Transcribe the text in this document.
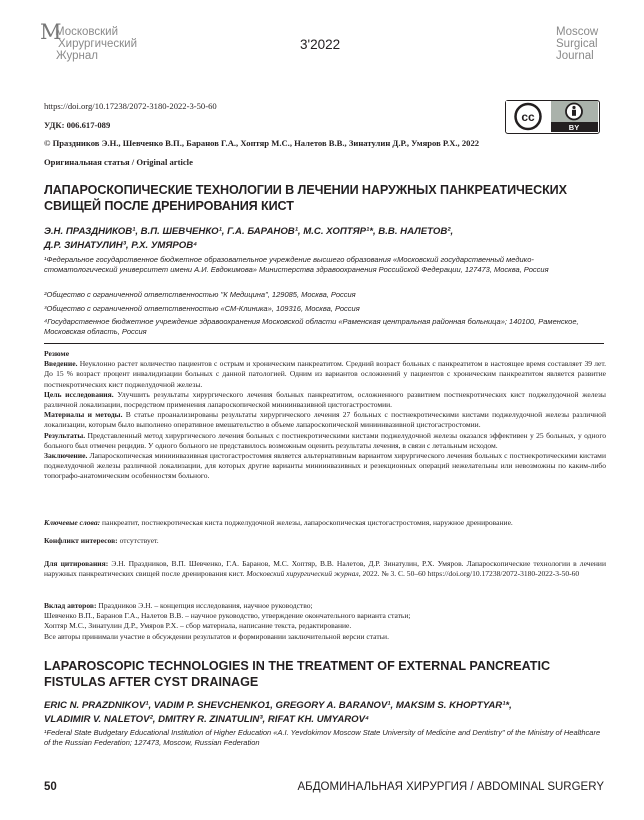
М
Московский
Хирургический
Журнал
3'2022
Moscow
Surgical
Journal
https://doi.org/10.17238/2072-3180-2022-3-50-60
УДК: 006.617-089
© Праздников Э.Н., Шевченко В.П., Баранов Г.А., Хоптяр М.С., Налетов В.В., Зинатулин Д.Р., Умяров Р.Х., 2022
Оригинальная статья / Original article
cc
BY
ЛАПАРОСКОПИЧЕСКИЕ ТЕХНОЛОГИИ В ЛЕЧЕНИИ НАРУЖНЫХ ПАНКРЕАТИЧЕСКИХ СВИЩЕЙ ПОСЛЕ ДРЕНИРОВАНИЯ КИСТ
Э.Н. ПРАЗДНИКОВ¹, В.П. ШЕВЧЕНКО¹, Г.А. БАРАНОВ¹, М.С. ХОПТЯР¹*, В.В. НАЛЕТОВ²,
Д.Р. ЗИНАТУЛИН³, Р.Х. УМЯРОВ⁴
¹Федеральное государственное бюджетное образовательное учреждение высшего образования «Московский государственный медико-стоматологический университет имени А.И. Евдокимова» Министерства здравоохранения Российской Федерации, 127473, Москва, Россия
²Общество с ограниченной ответственностью "К Медицина", 129085, Москва, Россия
³Общество с ограниченной ответственностью «СМ-Клиника», 109316, Москва, Россия
⁴Государственное бюджетное учреждение здравоохранения Московской области «Раменская центральная районная больница»; 140100, Раменское, Московская область, Россия

Резюме

Введение. Неуклонно растет количество пациентов с острым и хроническим панкреатитом. Средний возраст больных с панкреатитом в настоящее время составляет 39 лет. До 15 % возраст процент инвалидизации больных с данной патологией. Одним из вариантов осложнений у пациентов с хроническим панкреатитом является развитие постнекротических кист поджелудочной железы.

Цель исследования. Улучшить результаты хирургического лечения больных панкреатитом, осложненного развитием постнекротических кист поджелудочной железы различной локализации, посредством применения лапароскопической миниинвазивной цистогастростомии.

Материалы и методы. В статье проанализированы результаты хирургического лечения 27 больных с постнекротическими кистами поджелудочной железы различной локализации, которым было выполнено оперативное вмешательство в объеме лапароскопической миниинвазивной цистогастростомии.

Результаты. Представленный метод хирургического лечения больных с постнекротическими кистами поджелудочной железы оказался эффективен у 25 больных, у одного больного был отмечен рецидив. У одного больного не представилось возможным оценить результаты лечения, в связи с летальным исходом.

Заключение. Лапароскопическая миниинвазивная цистогастростомия является альтернативным вариантом хирургического лечения больных с постнекротическими кистами поджелудочной железы различной локализации, для которых другие варианты миниинвазивных и резекционных операций нежелательны или невозможны по каким-либо топографо-анатомическим особенностям больного.

Ключевые слова: панкреатит, постнекротическая киста поджелудочной железы, лапароскопическая цистогастростомия, наружное дренирование.
Конфликт интересов: отсутствует.
Для цитирования: Э.Н. Праздников, В.П. Шевченко, Г.А. Баранов, М.С. Хоптяр, В.В. Налетов, Д.Р. Зинатулин, Р.Х. Умяров. Лапароскопические технологии в лечении наружных панкреатических свищей после дренирования кист. Московский хирургический журнал, 2022. № 3. С. 50–60 https://doi.org/10.17238/2072-3180-2022-3-50-60
Вклад авторов: Праздников Э.Н. – концепция исследования, научное руководство;
Шевченко В.П., Баранов Г.А., Налетов В.В. – научное руководство, утверждение окончательного варианта статьи;
Хоптяр М.С., Зинатулин Д.Р., Умяров Р.Х. – сбор материала, написание текста, редактирование.
Все авторы принимали участие в обсуждении результатов и формировании заключительной версии статьи.
LAPAROSCOPIC TECHNOLOGIES IN THE TREATMENT OF EXTERNAL PANCREATIC FISTULAS AFTER CYST DRAINAGE
ERIC N. PRAZDNIKOV¹, VADIM P. SHEVCHENKO1, GREGORY A. BARANOV¹, MAKSIM S. KHOPTYAR¹*,
VLADIMIR V. NALETOV², DMITRY R. ZINATULIN³, RIFAT KH. UMYAROV⁴
¹Federal State Budgetary Educational Institution of Higher Education «A.I. Yevdokimov Moscow State University of Medicine and Dentistry" of the Ministry of Healthcare of the Russian Federation; 127473, Moscow, Russian Federation
50	АБДОМИНАЛЬНАЯ ХИРУРГИЯ / ABDOMINAL SURGERY
